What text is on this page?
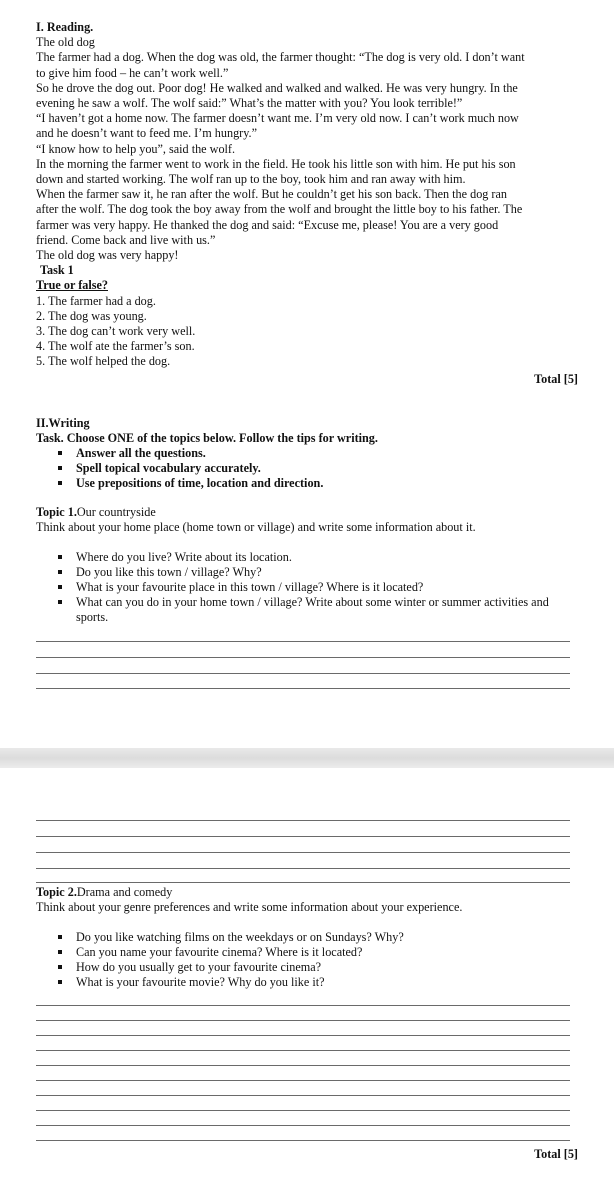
I. Reading.
The old dog
The farmer had a dog. When the dog was old, the farmer thought: “The dog is very old. I don’t want
to give him food – he can’t work well.”
So he drove the dog out. Poor dog! He walked and walked and walked. He was very hungry. In the
evening he saw a wolf. The wolf said:” What’s the matter with you? You look terrible!”
“I haven’t got a home now. The farmer doesn’t want me. I’m very old now. I can’t work much now
and he doesn’t want to feed me. I’m hungry.”
“I know how to help you”, said the wolf.
In the morning the farmer went to work in the field. He took his little son with him. He put his son
down and started working. The wolf ran up to the boy, took him and ran away with him.
When the farmer saw it, he ran after the wolf. But he couldn’t get his son back. Then the dog ran
after the wolf. The dog took the boy away from the wolf and brought the little boy to his father. The
farmer was very happy. He thanked the dog and said: “Excuse me, please! You are a very good
friend. Come back and live with us.”
The old dog was very happy!
Task 1
True or false?
1. The farmer had a dog.
2. The dog was young.
3. The dog can’t work very well.
4. The wolf ate the farmer’s son.
5. The wolf helped the dog.
Total [5]
II.Writing
Task. Choose ONE of the topics below. Follow the tips for writing.
Answer all the questions.
Spell topical vocabulary accurately.
Use prepositions of time, location and direction.
Topic 1.Our countryside
Think about your home place (home town or village) and write some information about it.
Where do you live? Write about its location.
Do you like this town / village? Why?
What is your favourite place in this town / village? Where is it located?
What can you do in your home town / village? Write about some winter or summer activities and sports.
Topic 2.Drama and comedy
Think about your genre preferences and write some information about your experience.
Do you like watching films on the weekdays or on Sundays? Why?
Can you name your favourite cinema? Where is it located?
How do you usually get to your favourite cinema?
What is your favourite movie? Why do you like it?
Total [5]
